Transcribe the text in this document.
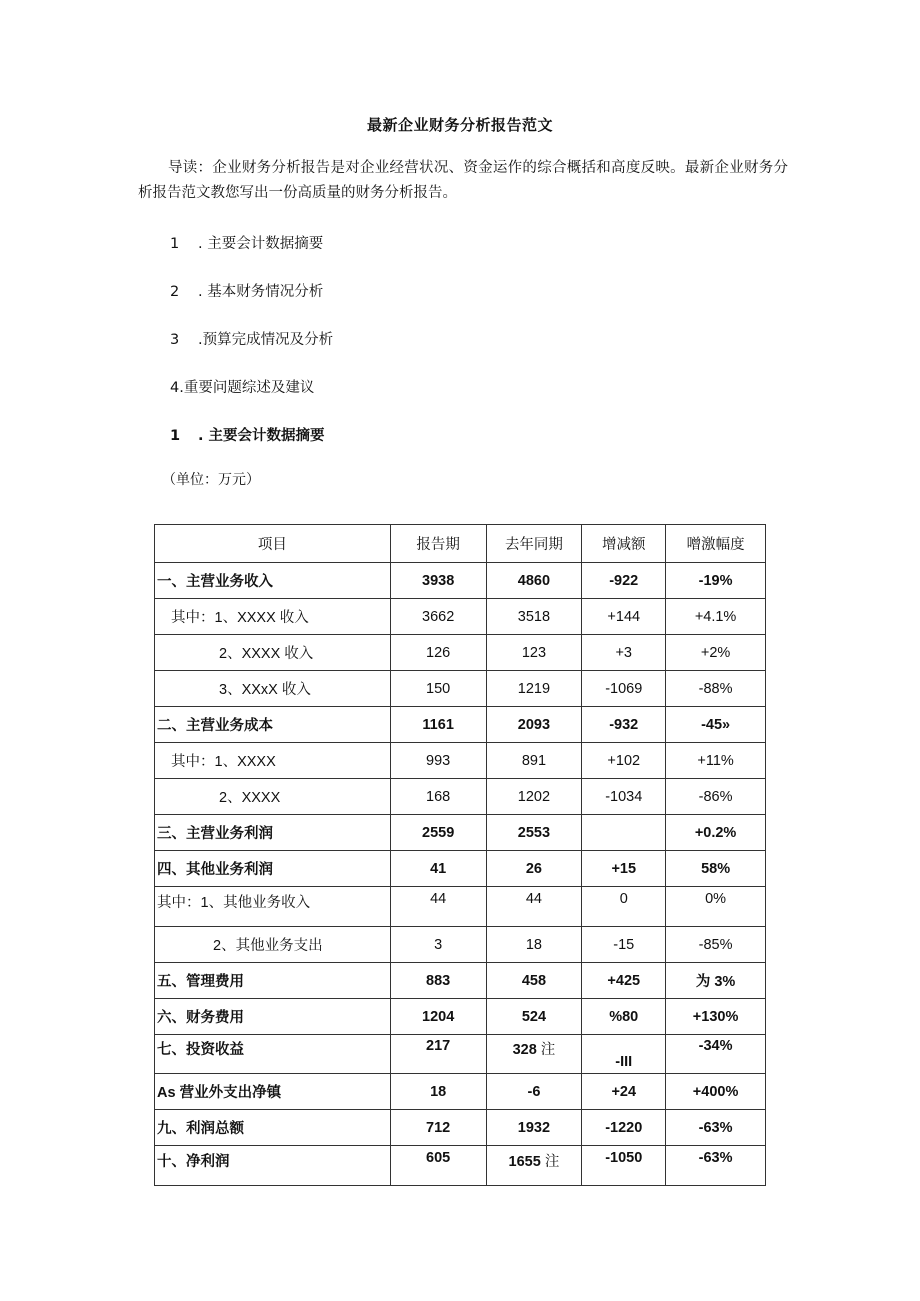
最新企业财务分析报告范文
导读：企业财务分析报告是对企业经营状况、资金运作的综合概括和高度反映。最新企业财务分析报告范文教您写出一份高质量的财务分析报告。
1 . 主要会计数据摘要
2 . 基本财务情况分析
3 .预算完成情况及分析
4.重要问题综述及建议
1 . 主要会计数据摘要
（单位：万元）
项目	报告期	去年同期	增减额	噌激幅度
一、主营业务收入	3938	4860	-922	-19%
其中：1、XXXX 收入	3662	3518	+144	+4.1%
2、XXXX 收入	126	123	+3	+2%
3、XXxX 收入	150	1219	-1069	-88%
二、主营业务成本	1161	2093	-932	-45»
其中：1、XXXX	993	891	+102	+11%
2、XXXX	168	1202	-1034	-86%
三、主营业务利润	2559	2553		+0.2%
四、其他业务利润	41	26	+15	58%
其中：1、其他业务收入	44	44	0	0%
2、其他业务支出	3	18	-15	-85%
五、管理费用	883	458	+425	为 3%
六、财务费用	1204	524	%80	+130%
七、投资收益	217	328 注	-III	-34%
As 营业外支出净镇	18	-6	+24	+400%
九、利润总额	712	1932	-1220	-63%
十、净利润	605	1655 注	-1050	-63%
